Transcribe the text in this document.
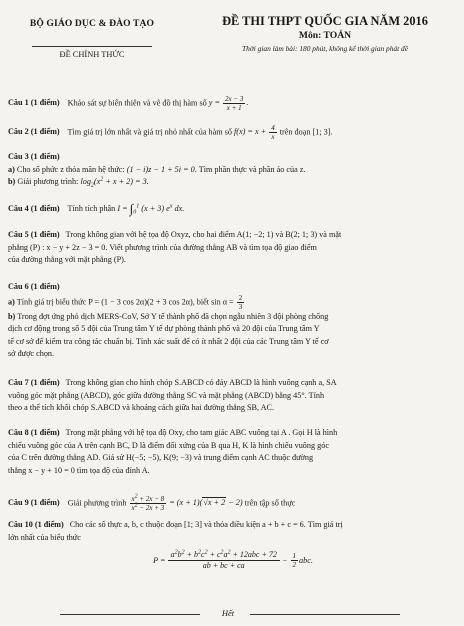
BỘ GIÁO DỤC & ĐÀO TẠO
ĐỀ CHÍNH THỨC
ĐỀ THI THPT QUỐC GIA NĂM 2016
Môn: TOÁN
Thời gian làm bài: 180 phút, không kể thời gian phát đề
Câu 1 (1 điểm) Khảo sát sự biến thiên và vẽ đồ thị hàm số $y = \frac{2x - 3}{x + 1}$ .
Câu 2 (1 điểm) Tìm giá trị lớn nhất và giá trị nhỏ nhất của hàm số $f(x) = x + \frac{4}{x}$ trên đoạn [1; 3].
Câu 3 (1 điểm)
a) Cho số phức z thỏa mãn hệ thức: (1 − i)z − 1 + 5i = 0. Tìm phần thực và phần ảo của z.
b) Giải phương trình: $\log_2(x^2 + x + 2) = 3$.
Câu 4 (1 điểm) Tính tích phân $I = \int_0^1$ (x + 3) $e^x$ dx.
Câu 5 (1 điểm) Trong không gian với hệ tọa độ Oxyz, cho hai điểm A(1; −2; 1) và B(2; 1; 3) và mặt
phẳng (P) : x − y + 2z − 3 = 0. Viết phương trình của đường thẳng AB và tìm tọa độ giao điểm
của đường thẳng với mặt phẳng (P).
Câu 6 (1 điểm)
a) Tính giá trị biểu thức P = (1 − 3 cos 2α)(2 + 3 cos 2α), biết $\sin \alpha = \frac{2}{3}$
b) Trong đợt ứng phó dịch MERS-CoV, Sở Y tế thành phố đã chọn ngẫu nhiên 3 đội phòng chống
dịch cơ động trong số 5 đội của Trung tâm Y tế dự phòng thành phố và 20 đội của Trung tâm Y
tế cơ sở để kiểm tra công tác chuẩn bị. Tính xác suất để có ít nhất 2 đội của các Trung tâm Y tế cơ
sở được chọn.
Câu 7 (1 điểm) Trong không gian cho hình chóp S.ABCD có đáy ABCD là hình vuông cạnh a, SA
vuông góc mặt phẳng (ABCD), góc giữa đường thẳng SC và mặt phẳng (ABCD) bằng 45°. Tính
theo a thể tích khối chóp S.ABCD và khoảng cách giữa hai đường thẳng SB, AC.
Câu 8 (1 điểm) Trong mặt phẳng với hệ tọa độ Oxy, cho tam giác ABC vuông tại A . Gọi H là hình
chiếu vuông góc của A trên cạnh BC, D là điểm đối xứng của B qua H, K là hình chiếu vuông góc
của C trên đường thẳng AD. Giả sử H(−5; −5), K(9; −3) và trung điểm cạnh AC thuộc đường
thẳng x − y + 10 = 0 tìm tọa độ của đỉnh A.
Câu 9 (1 điểm) Giải phương trình $\frac{x^2 + 2x - 8}{x^2 - 2x + 3} = (x + 1)(√x + 2 - 2)$ trên tập số thực
Câu 10 (1 điểm) Cho các số thực a, b, c thuộc đoạn [1; 3] và thỏa điều kiện a + b + c = 6. Tìm giá trị
lớn nhất của biểu thức
P =
$a^2b^2 + b^2c^2 + c^2a^2 + 12abc + 72$
ab + bc + ca
− $\frac{1}{2}$ abc.
Hết
